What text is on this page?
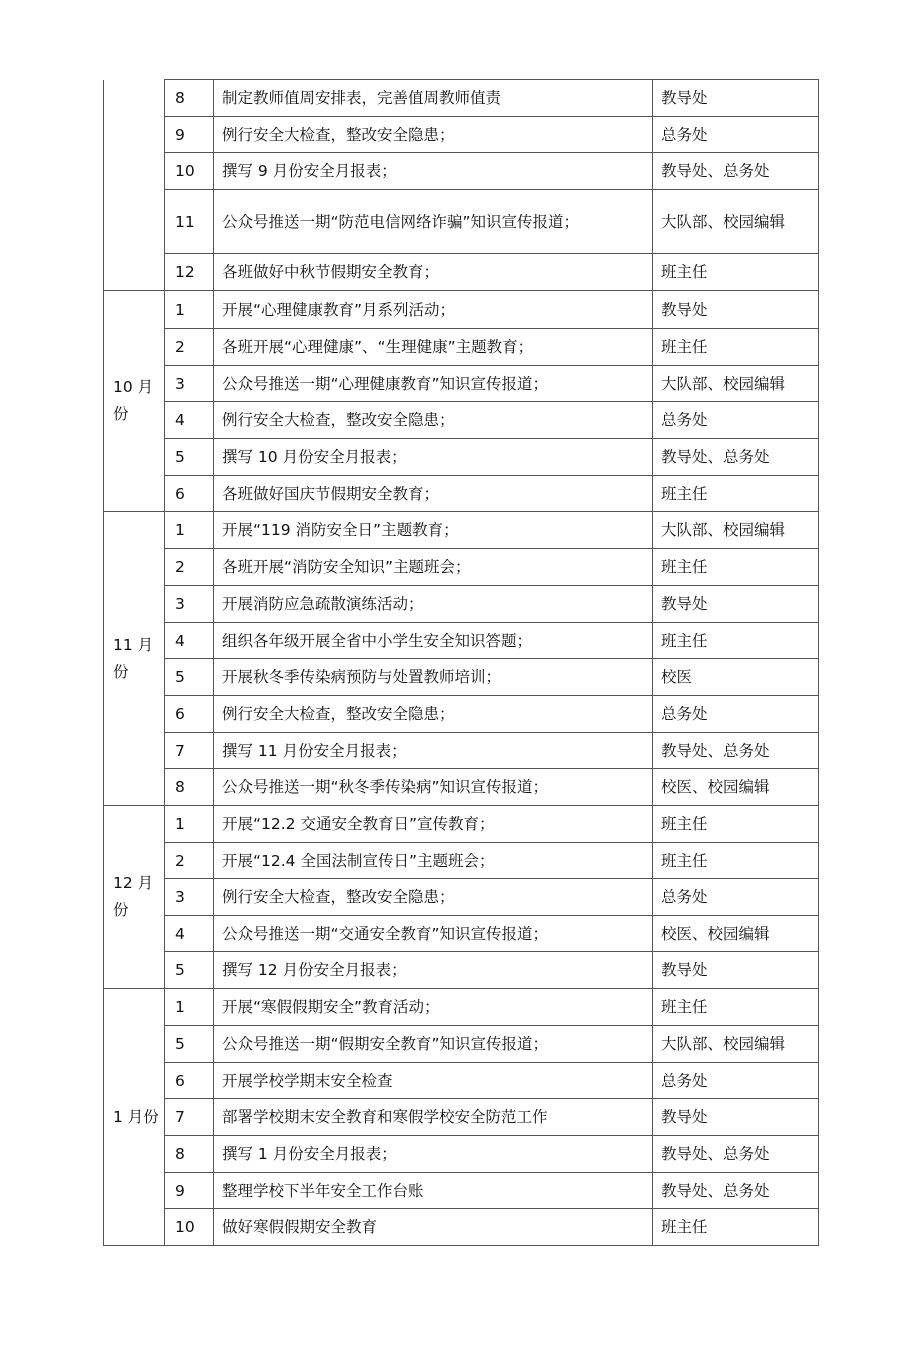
	8	制定教师值周安排表，完善值周教师值责	教导处
	9	例行安全大检查，整改安全隐患；	总务处
	10	撰写 9 月份安全月报表；	教导处、总务处
	11	公众号推送一期“防范电信网络诈骗”知识宣传报道；	大队部、校园编辑
	12	各班做好中秋节假期安全教育；	班主任
10 月份	1	开展“心理健康教育”月系列活动；	教导处
	2	各班开展“心理健康”、“生理健康”主题教育；	班主任
	3	公众号推送一期“心理健康教育”知识宣传报道；	大队部、校园编辑
	4	例行安全大检查，整改安全隐患；	总务处
	5	撰写 10 月份安全月报表；	教导处、总务处
	6	各班做好国庆节假期安全教育；	班主任
11 月份	1	开展“119 消防安全日”主题教育；	大队部、校园编辑
	2	各班开展“消防安全知识”主题班会；	班主任
	3	开展消防应急疏散演练活动；	教导处
	4	组织各年级开展全省中小学生安全知识答题；	班主任
	5	开展秋冬季传染病预防与处置教师培训；	校医
	6	例行安全大检查，整改安全隐患；	总务处
	7	撰写 11 月份安全月报表；	教导处、总务处
	8	公众号推送一期“秋冬季传染病”知识宣传报道；	校医、校园编辑
12 月份	1	开展“12.2 交通安全教育日”宣传教育；	班主任
	2	开展“12.4 全国法制宣传日”主题班会；	班主任
	3	例行安全大检查，整改安全隐患；	总务处
	4	公众号推送一期“交通安全教育”知识宣传报道；	校医、校园编辑
	5	撰写 12 月份安全月报表；	教导处
1 月份	1	开展“寒假假期安全”教育活动；	班主任
	5	公众号推送一期“假期安全教育”知识宣传报道；	大队部、校园编辑
	6	开展学校学期末安全检查	总务处
	7	部署学校期末安全教育和寒假学校安全防范工作	教导处
	8	撰写 1 月份安全月报表；	教导处、总务处
	9	整理学校下半年安全工作台账	教导处、总务处
	10	做好寒假假期安全教育	班主任
